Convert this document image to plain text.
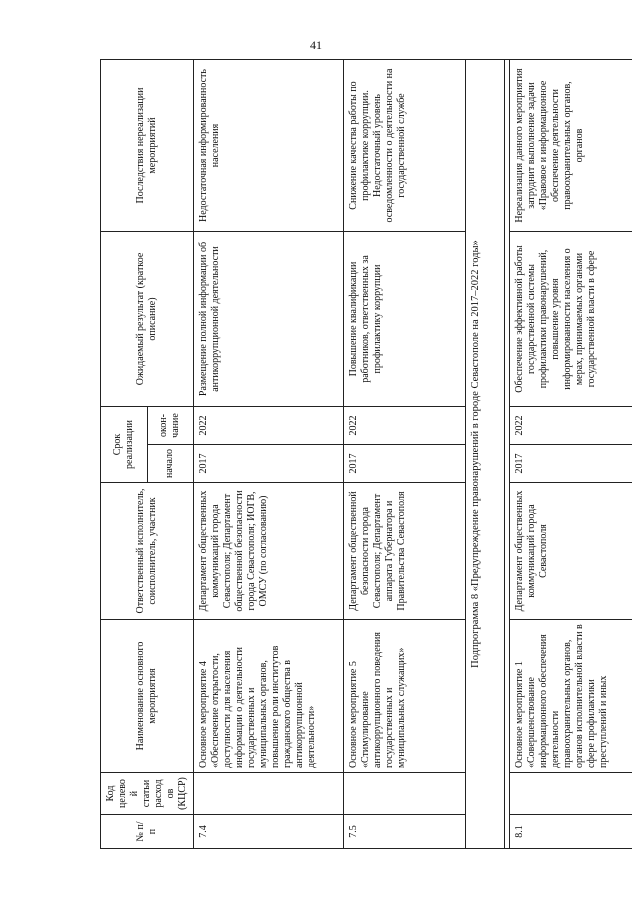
41
№ п/п	Код целевой статьи расходов (КЦСР)	Наименование основного мероприятия	Ответственный исполнитель, соисполнитель, участник	Срок реализации		Ожидаемый результат (краткое описание)	Последствия нереализации мероприятий
				начало	окон-чание		
7.4		Основное мероприятие 4 «Обеспечение открытости, доступности для населения информации о деятельности государственных и муниципальных органов, повышение роли институтов гражданского общества в антикоррупционной деятельности»	Департамент общественных коммуникаций города Севастополя; Департамент общественной безопасности города Севастополя; ИОГВ, ОМСУ (по согласованию)	2017	2022	Размещение полной информации об антикоррупционной деятельности	Недостаточная информированность населения
7.5		Основное мероприятие 5 «Стимулирование антикоррупционного поведения государственных и муниципальных служащих»	Департамент общественной безопасности города Севастополя; Департамент аппарата Губернатора и Правительства Севастополя	2017	2022	Повышение квалификации работников, ответственных за профилактику коррупции	Снижение качества работы по профилактике коррупции. Недостаточный уровень осведомленности о деятельности на государственной службе
Подпрограмма 8 «Предупреждение правонарушений в городе Севастополе на 2017–2022 годы»							

8.1		Основное мероприятие 1 «Совершенствование информационного обеспечения деятельности правоохранительных органов, органов исполнительной власти в сфере профилактики преступлений и иных	Департамент общественных коммуникаций города Севастополя	2017	2022	Обеспечение эффективной работы государственной системы профилактики правонарушений, повышение уровня информированности населения о мерах, принимаемых органами государственной власти в сфере	Нереализация данного мероприятия затруднит выполнение задачи «Правовое и информационное обеспечение деятельности правоохранительных органов, органов
